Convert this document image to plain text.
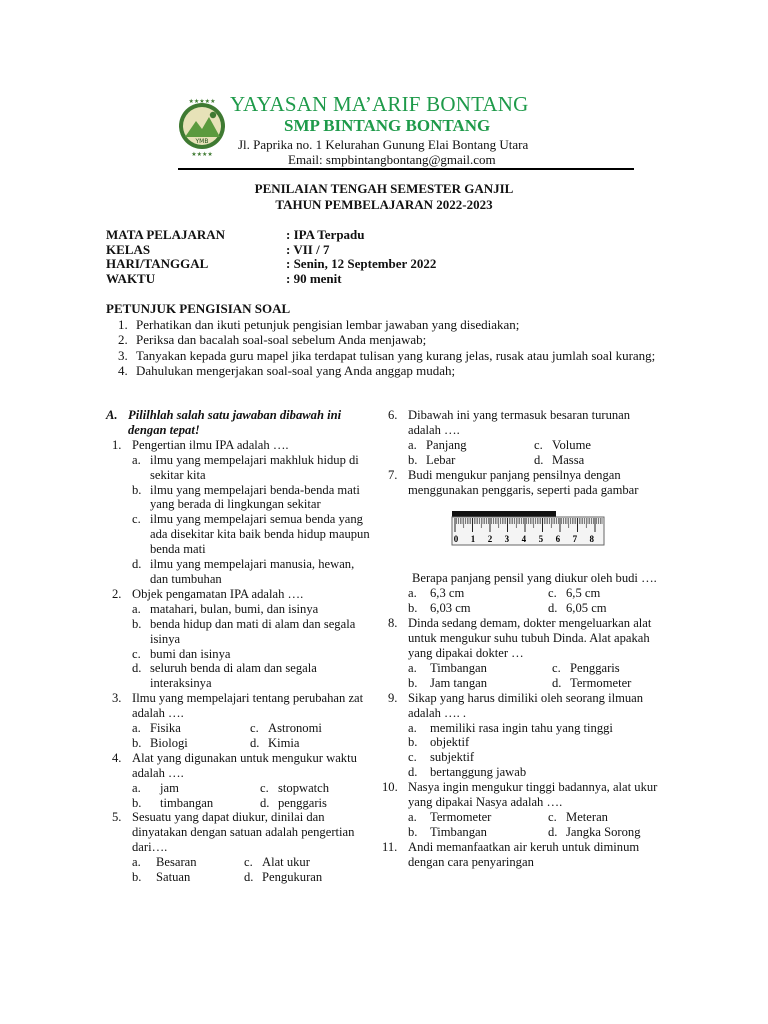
YMB
★★★★★
★★★★
YAYASAN MA’ARIF BONTANG
SMP BINTANG BONTANG
Jl. Paprika no. 1 Kelurahan Gunung Elai Bontang Utara
Email: smpbintangbontang@gmail.com
PENILAIAN TENGAH SEMESTER GANJIL
TAHUN PEMBELAJARAN 2022-2023
MATA PELAJARAN	: IPA Terpadu
KELAS	: VII / 7
HARI/TANGGAL	: Senin, 12 September 2022
WAKTU	: 90 menit
PETUNJUK PENGISIAN SOAL
1. Perhatikan dan ikuti petunjuk pengisian lembar jawaban yang disediakan;
2. Periksa dan bacalah soal-soal sebelum Anda menjawab;
3. Tanyakan kepada guru mapel jika terdapat tulisan yang kurang jelas, rusak atau jumlah soal kurang;
4. Dahulukan mengerjakan soal-soal yang Anda anggap mudah;
A. Pililhlah salah satu jawaban dibawah ini dengan tepat!
1. Pengertian ilmu IPA adalah ….
a. ilmu yang mempelajari makhluk hidup di sekitar kita
b. ilmu yang mempelajari benda-benda mati yang berada di lingkungan sekitar
c. ilmu yang mempelajari semua benda yang ada disekitar kita baik benda hidup maupun benda mati
d. ilmu yang mempelajari manusia, hewan, dan tumbuhan
2. Objek pengamatan IPA adalah ….
a. matahari, bulan, bumi, dan isinya
b. benda hidup dan mati di alam dan segala isinya
c. bumi dan isinya
d. seluruh benda di alam dan segala interaksinya
3. Ilmu yang mempelajari tentang perubahan zat adalah ….
a. Fisika	c. Astronomi
b. Biologi	d. Kimia
4. Alat yang digunakan untuk mengukur waktu adalah ….
a. jam	c. stopwatch
b. timbangan	d. penggaris
5. Sesuatu yang dapat diukur, dinilai dan dinyatakan dengan satuan adalah pengertian dari….
a. Besaran	c. Alat ukur
b. Satuan	d. Pengukuran
6. Dibawah ini yang termasuk besaran turunan adalah ….
a. Panjang	c. Volume
b. Lebar	d. Massa
7. Budi mengukur panjang pensilnya dengan menggunakan penggaris, seperti pada gambar
0 1 2 3 4 5 6 7 8
Berapa panjang pensil yang diukur oleh budi ….
a. 6,3 cm	c. 6,5 cm
b. 6,03 cm	d. 6,05 cm
8. Dinda sedang demam, dokter mengeluarkan alat untuk mengukur suhu tubuh Dinda. Alat apakah yang dipakai dokter …
a. Timbangan	c. Penggaris
b. Jam tangan	d. Termometer
9. Sikap yang harus dimiliki oleh seorang ilmuan adalah …. .
a. memiliki rasa ingin tahu yang tinggi
b. objektif
c. subjektif
d. bertanggung jawab
10. Nasya ingin mengukur tinggi badannya, alat ukur yang dipakai Nasya adalah ….
a. Termometer	c. Meteran
b. Timbangan	d. Jangka Sorong
11. Andi memanfaatkan air keruh untuk diminum dengan cara penyaringan
